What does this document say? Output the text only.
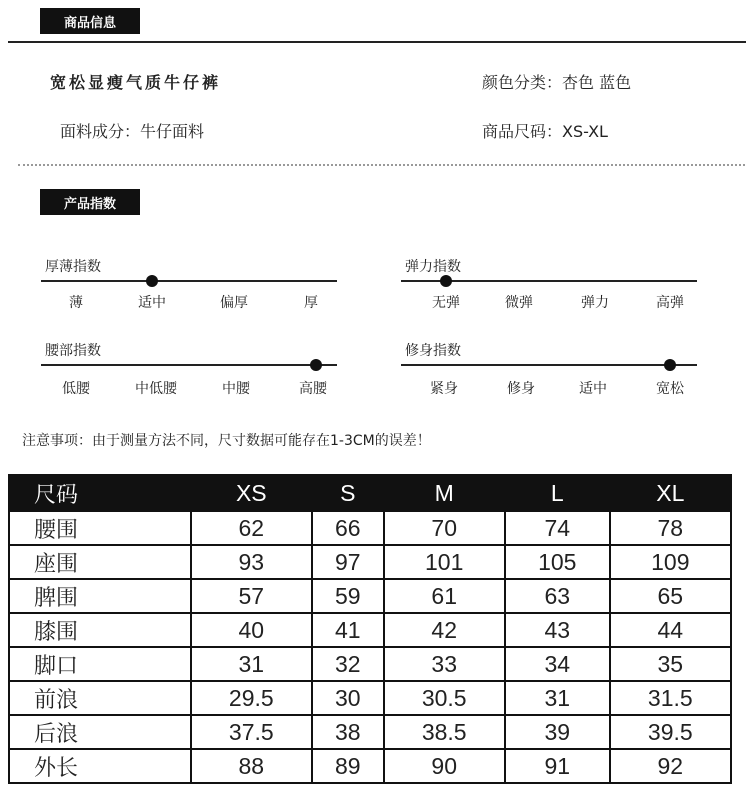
商品信息
宽松显瘦气质牛仔裤	颜色分类：杏色 蓝色
面料成分：牛仔面料	商品尺码：XS-XL
产品指数
厚薄指数
薄	适中	偏厚	厚
弹力指数
无弹	微弹	弹力	高弹
腰部指数
低腰	中低腰	中腰	高腰
修身指数
紧身	修身	适中	宽松
注意事项：由于测量方法不同，尺寸数据可能存在1-3CM的误差！
尺码	XS	S	M	L	XL
腰围	62	66	70	74	78
座围	93	97	101	105	109
脾围	57	59	61	63	65
膝围	40	41	42	43	44
脚口	31	32	33	34	35
前浪	29.5	30	30.5	31	31.5
后浪	37.5	38	38.5	39	39.5
外长	88	89	90	91	92
